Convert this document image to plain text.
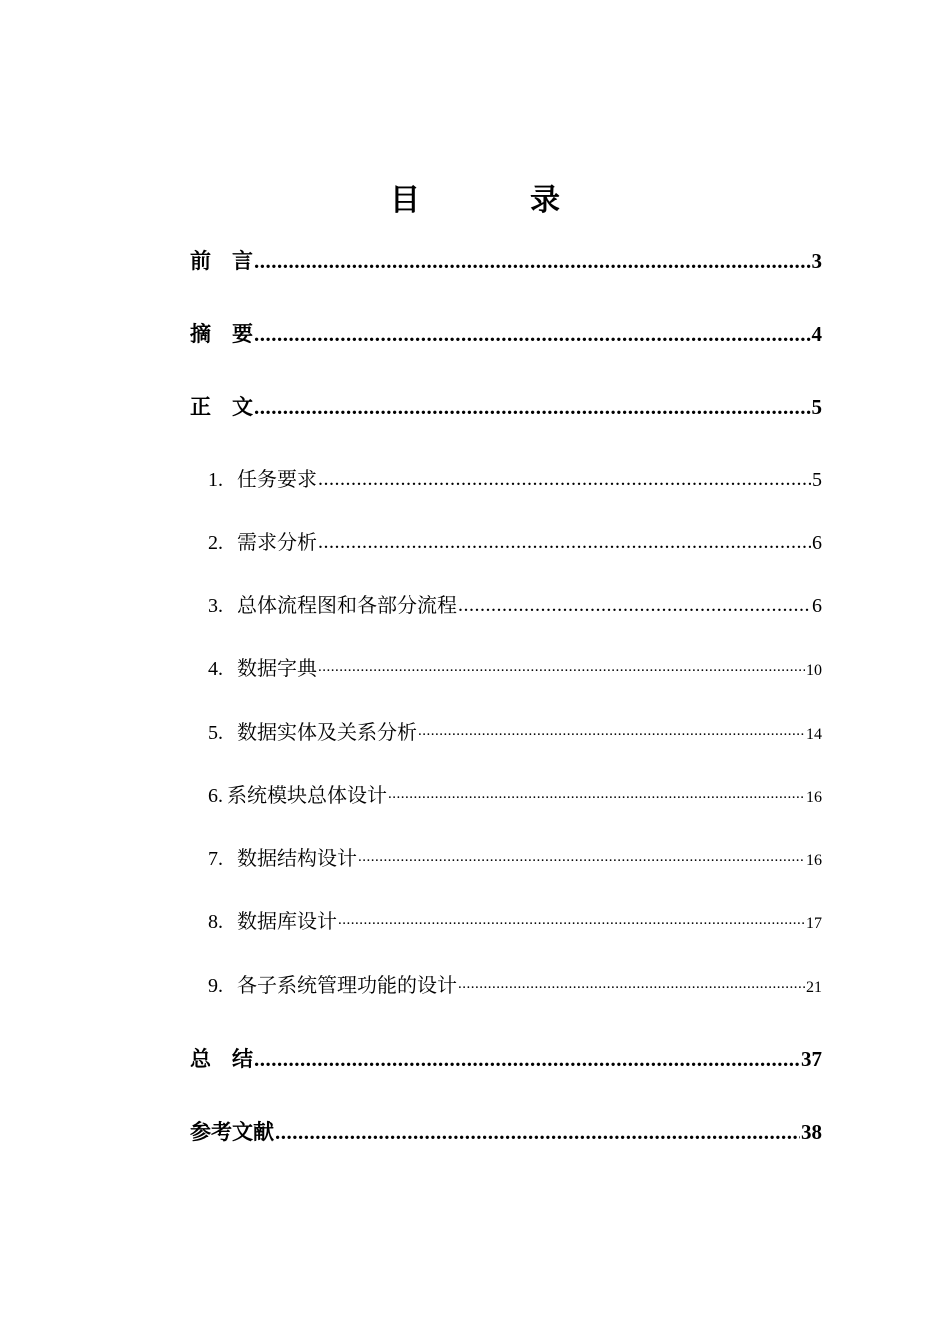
目　录
前　言 .....	3
摘　要 .....	4
正　文 .....	5
1. 任务要求 .....	5
2. 需求分析 .....	6
3. 总体流程图和各部分流程 .....	6
4. 数据字典 .....	10
5. 数据实体及关系分析 .....	14
6. 系统模块总体设计 .....	16
7. 数据结构设计 .....	16
8. 数据库设计 .....	17
9. 各子系统管理功能的设计 .....	21
总　结 .....	37
参考文献 .....	38
